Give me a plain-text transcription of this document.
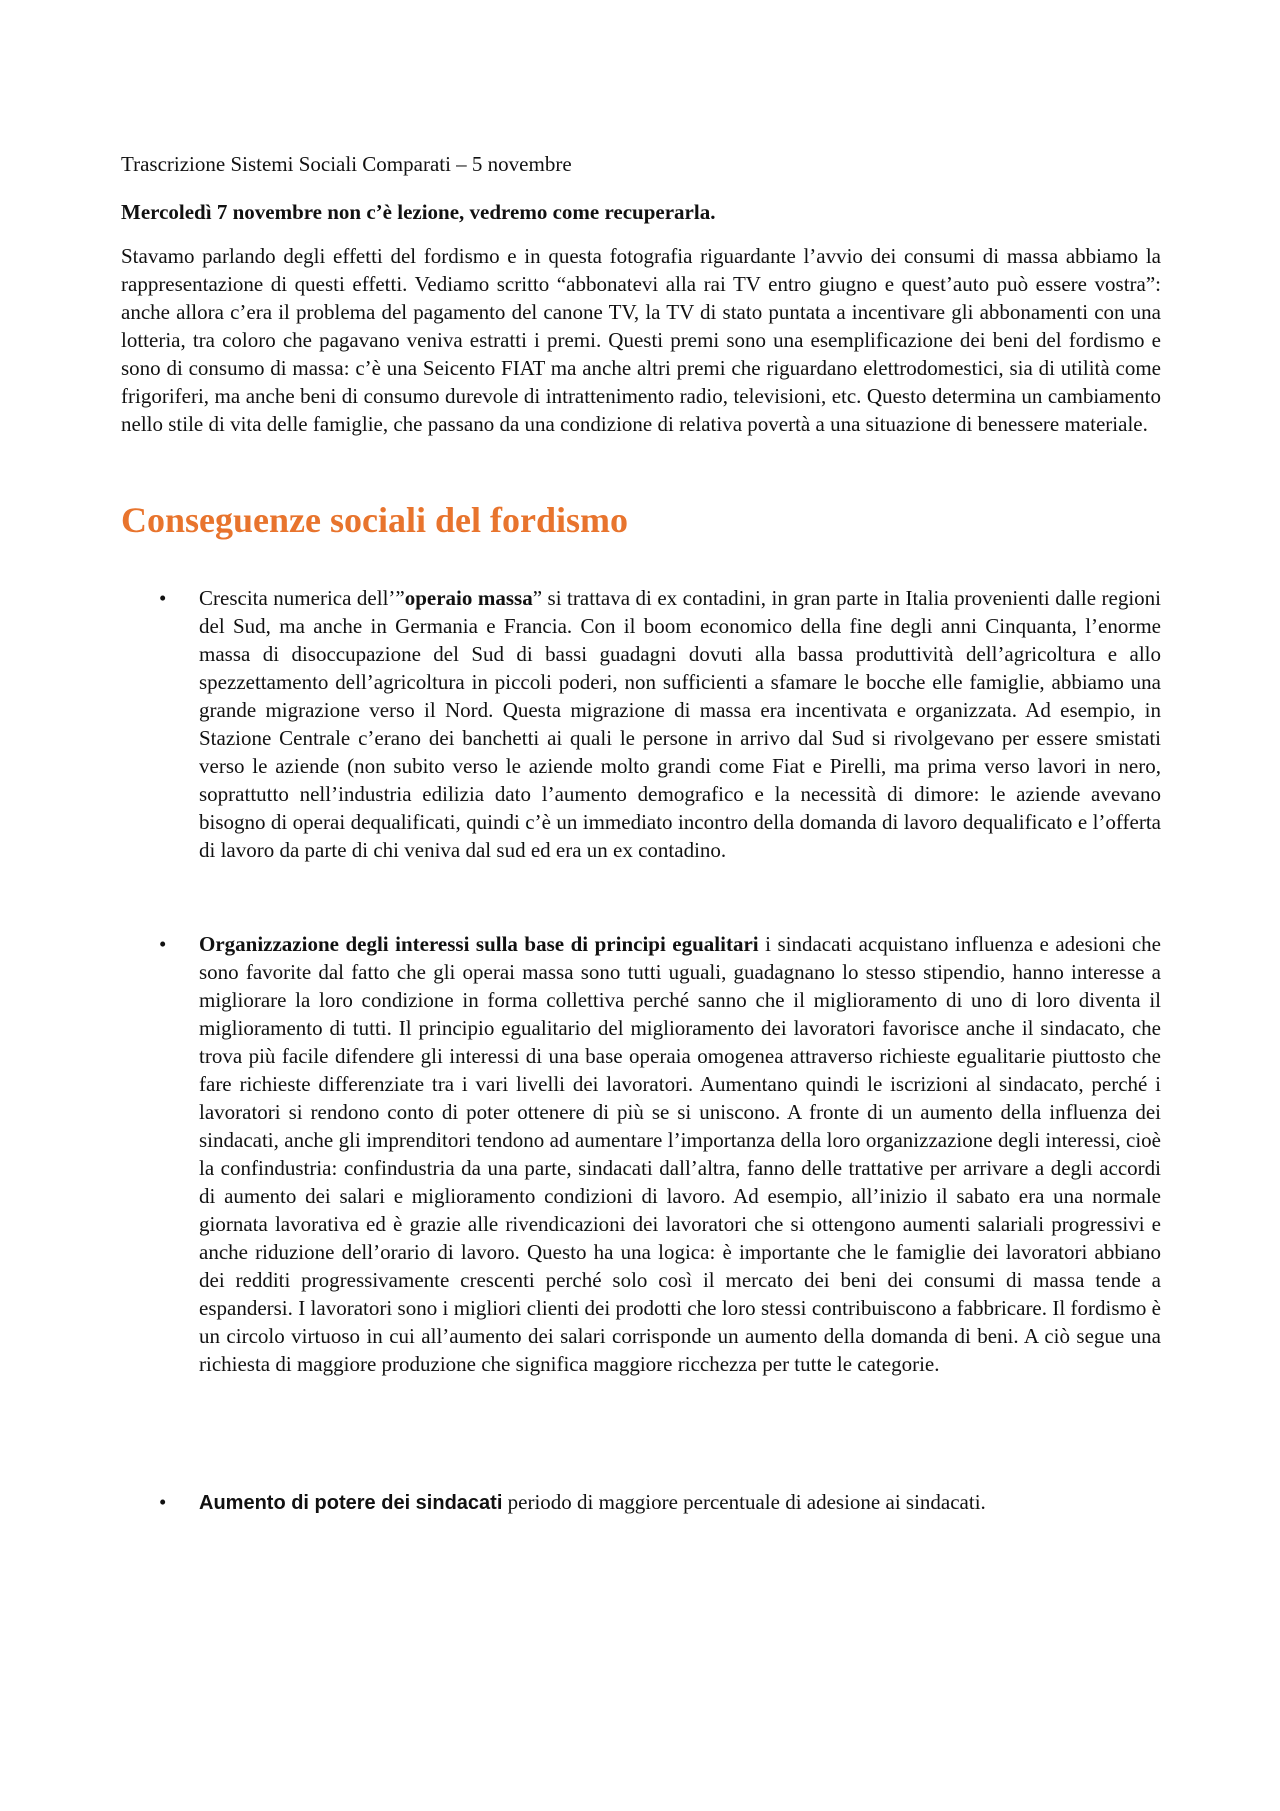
Trascrizione Sistemi Sociali Comparati – 5 novembre

Mercoledì 7 novembre non c’è lezione, vedremo come recuperarla.

Stavamo parlando degli effetti del fordismo e in questa fotografia riguardante l’avvio dei consumi di massa abbiamo la rappresentazione di questi effetti. Vediamo scritto “abbonatevi alla rai TV entro giugno e quest’auto può essere vostra”: anche allora c’era il problema del pagamento del canone TV, la TV di stato puntata a incentivare gli abbonamenti con una lotteria, tra coloro che pagavano veniva estratti i premi. Questi premi sono una esemplificazione dei beni del fordismo e sono di consumo di massa: c’è una Seicento FIAT ma anche altri premi che riguardano elettrodomestici, sia di utilità come frigoriferi, ma anche beni di consumo durevole di intrattenimento radio, televisioni, etc. Questo determina un cambiamento nello stile di vita delle famiglie, che passano da una condizione di relativa povertà a una situazione di benessere materiale.

Conseguenze sociali del fordismo
• Crescita numerica dell’”operaio massa” si trattava di ex contadini, in gran parte in Italia provenienti dalle regioni del Sud, ma anche in Germania e Francia. Con il boom economico della fine degli anni Cinquanta, l’enorme massa di disoccupazione del Sud di bassi guadagni dovuti alla bassa produttività dell’agricoltura e allo spezzettamento dell’agricoltura in piccoli poderi, non sufficienti a sfamare le bocche elle famiglie, abbiamo una grande migrazione verso il Nord. Questa migrazione di massa era incentivata e organizzata. Ad esempio, in Stazione Centrale c’erano dei banchetti ai quali le persone in arrivo dal Sud si rivolgevano per essere smistati verso le aziende (non subito verso le aziende molto grandi come Fiat e Pirelli, ma prima verso lavori in nero, soprattutto nell’industria edilizia dato l’aumento demografico e la necessità di dimore: le aziende avevano bisogno di operai dequalificati, quindi c’è un immediato incontro della domanda di lavoro dequalificato e l’offerta di lavoro da parte di chi veniva dal sud ed era un ex contadino.

• Organizzazione degli interessi sulla base di principi egualitari i sindacati acquistano influenza e adesioni che sono favorite dal fatto che gli operai massa sono tutti uguali, guadagnano lo stesso stipendio, hanno interesse a migliorare la loro condizione in forma collettiva perché sanno che il miglioramento di uno di loro diventa il miglioramento di tutti. Il principio egualitario del miglioramento dei lavoratori favorisce anche il sindacato, che trova più facile difendere gli interessi di una base operaia omogenea attraverso richieste egualitarie piuttosto che fare richieste differenziate tra i vari livelli dei lavoratori. Aumentano quindi le iscrizioni al sindacato, perché i lavoratori si rendono conto di poter ottenere di più se si uniscono. A fronte di un aumento della influenza dei sindacati, anche gli imprenditori tendono ad aumentare l’importanza della loro organizzazione degli interessi, cioè la confindustria: confindustria da una parte, sindacati dall’altra, fanno delle trattative per arrivare a degli accordi di aumento dei salari e miglioramento condizioni di lavoro. Ad esempio, all’inizio il sabato era una normale giornata lavorativa ed è grazie alle rivendicazioni dei lavoratori che si ottengono aumenti salariali progressivi e anche riduzione dell’orario di lavoro. Questo ha una logica: è importante che le famiglie dei lavoratori abbiano dei redditi progressivamente crescenti perché solo così il mercato dei beni dei consumi di massa tende a espandersi. I lavoratori sono i migliori clienti dei prodotti che loro stessi contribuiscono a fabbricare. Il fordismo è un circolo virtuoso in cui all’aumento dei salari corrisponde un aumento della domanda di beni. A ciò segue una richiesta di maggiore produzione che significa maggiore ricchezza per tutte le categorie.

• Aumento di potere dei sindacati periodo di maggiore percentuale di adesione ai sindacati.
